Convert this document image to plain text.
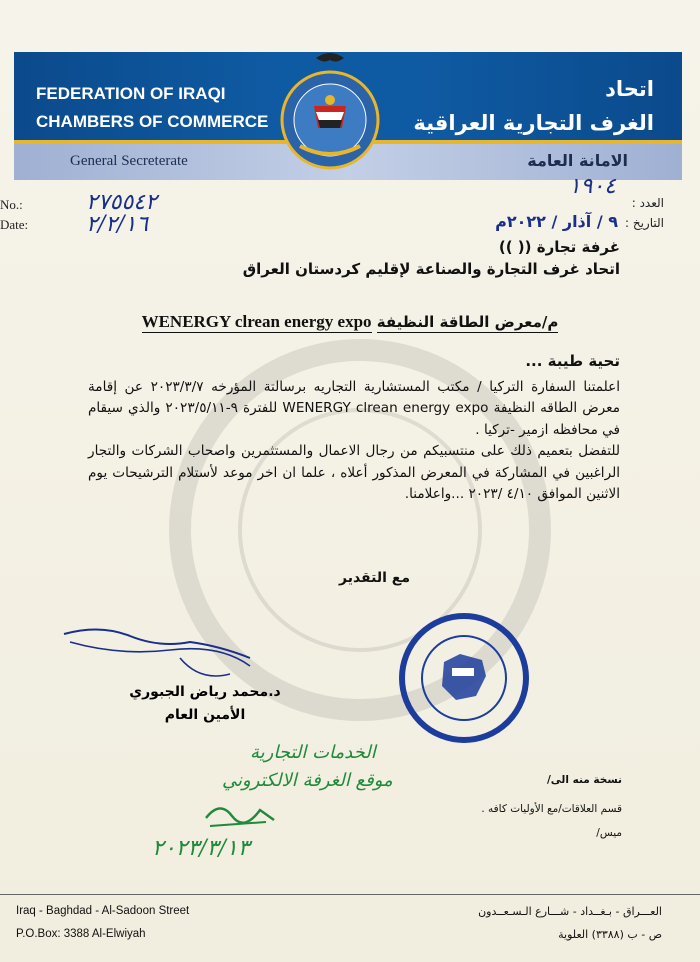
FEDERATION OF IRAQI
CHAMBERS OF COMMERCE
اتحاد
الغرف التجارية العراقية
General Secreterate	الامانة العامة
No.:
Date:
٢٧٥٥٤٢
٢/٢/١٦
العدد :
التاريخ :
١٩٠٤
٩ / آذار / ٢٠٢٢م
غرفة تجارة (( ))
اتحاد غرف التجارة والصناعة لإقليم كردستان العراق
م/معرض الطاقة النظيفة WENERGY clrean energy expo
تحية طيبة ...
اعلمتنا السفارة التركيا / مكتب المستشارية التجاريه برسالتة المؤرخه ٢٠٢٣/٣/٧ عن إقامة معرض الطاقه النظيفة WENERGY clrean energy expo للفترة ٩-٢٠٢٣/٥/١١ والذي سيقام في محافظه ازمير -تركيا .
للتفضل بتعميم ذلك على منتسبيكم من رجال الاعمال والمستثمرين واصحاب الشركات والتجار الراغبين في المشاركة في المعرض المذكور أعلاه ، علما ان اخر موعد لأستلام الترشيحات يوم الاثنين الموافق ٤/١٠ /٢٠٢٣ ...واعلامنا.
مع التقدير
د.محمد رياض الجبوري
الأمين العام
نسخة منه الى/
قسم العلاقات/مع الأوليات كافه .
ميس/
الخدمات التجارية
موقع الغرفة الالكتروني
٢٠٢٣/٣/١٣
Iraq - Baghdad - Al-Sadoon Street
P.O.Box: 3388 Al-Elwiyah
العـــراق - بـغــداد - شـــارع الـسـعــدون
ص - ب (٣٣٨٨) العلوية
